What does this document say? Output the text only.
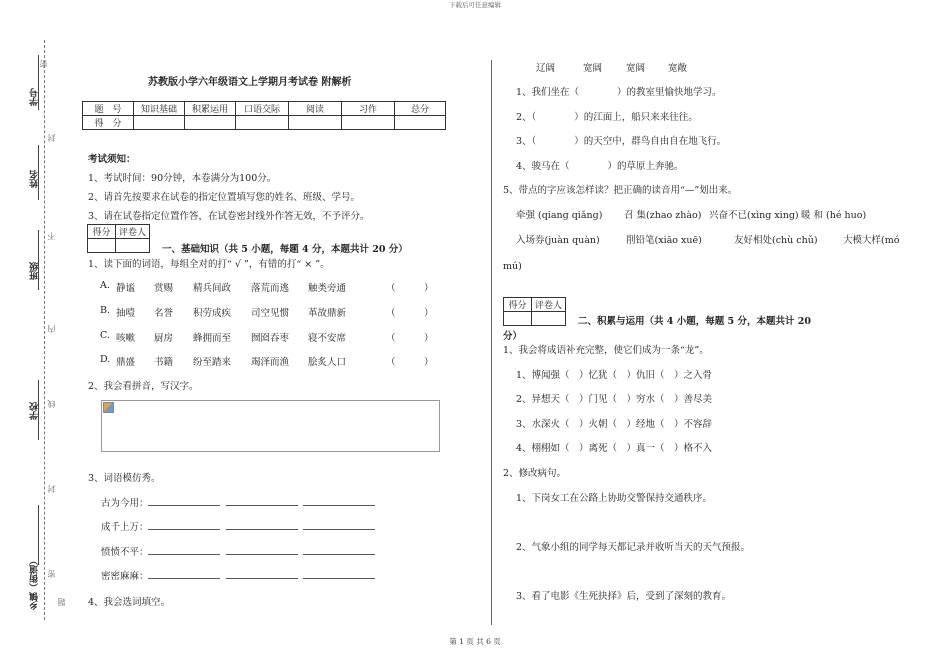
下载后可任意编辑
第 1 页 共 6 页
学号
姓名
班级
学校
乡镇（街道）
密
封
不
内
线
封
密
题
苏教版小学六年级语文上学期月考试卷 附解析
题　号	知识基础	积累运用	口语交际	阅读	习作	总分
得　分						
考试须知：
1、考试时间：90分钟，本卷满分为100分。
2、请首先按要求在试卷的指定位置填写您的姓名、班级、学号。
3、请在试卷指定位置作答，在试卷密封线外作答无效，不予评分。
得分	评卷人

一、基础知识（共 5 小题，每题 4 分，本题共计 20 分）
1、读下面的词语，每组全对的打“ √ ”，有错的打“ × ”。
A. 静谧 赏赐 精兵间政 落荒而逃 触类旁通	（　　　）
B. 抽噎 名誉 积劳成疾 司空见惯 革故鼎新	（　　　）
C. 咳嗽 厨房 蜂拥而至 囫囵吞枣 寝不安席	（　　　）
D. 鼎盛 书籍 纷至踏来 竭泽而渔 脍炙人口	（　　　）
2、我会看拼音，写汉字。
3、词语模仿秀。
古为今用：
成千上万：
愤愤不平：
密密麻麻：
4、我会选词填空。
辽阔	宽阔	宽阔 宽敞
1、我们坐在（　　　　）的教室里愉快地学习。
2、（　　　　）的江面上，船只来来往往。
3、（　　　　）的天空中，群鸟自由自在地飞行。
4、骏马在（　　　　）的草原上奔驰。
5、带点的字应该怎样读？把正确的读音用“—”划出来。
牵强 (qiang qiǎng) 召 集(zhao zhào) 兴奋不已(xìng xing) 暖 和 (hé huo)
入场券(juàn quàn)	削铅笔(xiāo xuē)	友好相处(chù chǔ)	大模大样(mó
mú)
得分	评卷人

二、积累与运用（共 4 小题，每题 5 分，本题共计 20
分）
1、我会将成语补充完整，使它们成为一条“龙”。
1、博闻强（　）忆犹（　）仇旧（　）之入骨
2、异想天（　）门见（　）穷水（　）善尽美
3、水深火（　）火朝（　）经地（　）不容辞
4、栩栩如（　）离死（　）真一（　）格不入
2、修改病句。
1、下岗女工在公路上协助交警保持交通秩序。
2、气象小组的同学每天都记录并收听当天的天气预报。
3、看了电影《生死抉择》后，受到了深刻的教育。
